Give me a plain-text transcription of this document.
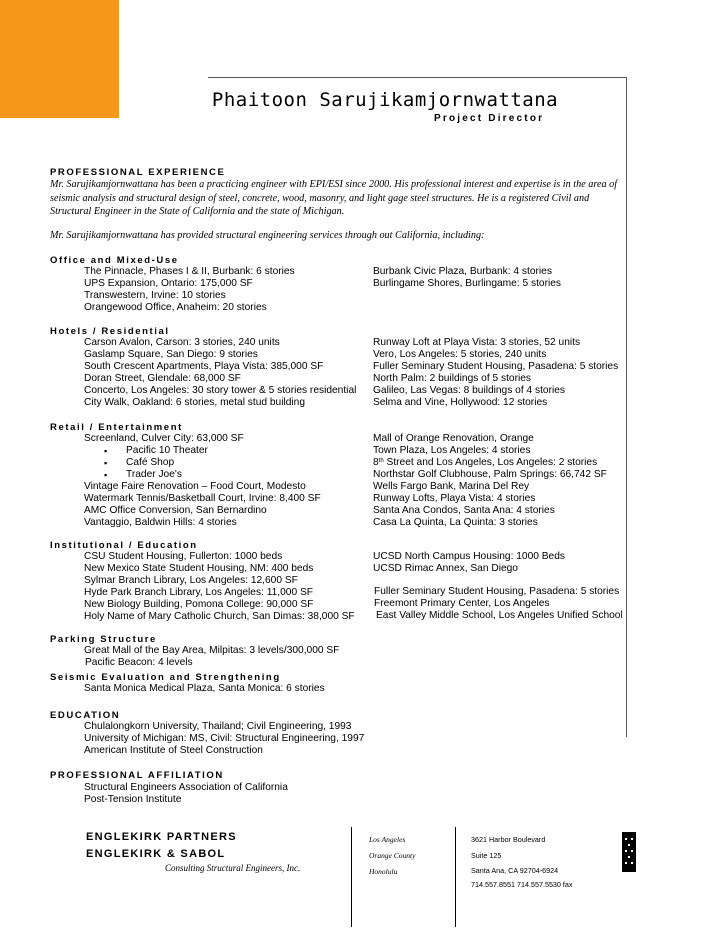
Phaitoon Sarujikamjornwattana
Project Director
PROFESSIONAL EXPERIENCE
Mr. Sarujikamjornwattana has been a practicing engineer with EPI/ESI since 2000. His professional interest and expertise is in the area of seismic analysis and structural design of steel, concrete, wood, masonry, and light gage steel structures. He is a registered Civil and Structural Engineer in the State of California and the state of Michigan.
Mr. Sarujikamjornwattana has provided structural engineering services through out California, including:
Office and Mixed-Use
The Pinnacle, Phases I & II, Burbank: 6 stories
UPS Expansion, Ontario: 175,000 SF
Transwestern, Irvine: 10 stories
Orangewood Office, Anaheim: 20 stories
Burbank Civic Plaza, Burbank: 4 stories
Burlingame Shores, Burlingame: 5 stories
Hotels / Residential
Carson Avalon, Carson: 3 stories, 240 units
Gaslamp Square, San Diego: 9 stories
South Crescent Apartments, Playa Vista: 385,000 SF
Doran Street, Glendale: 68,000 SF
Concerto, Los Angeles: 30 story tower & 5 stories residential
City Walk, Oakland: 6 stories, metal stud building
Runway Loft at Playa Vista: 3 stories, 52 units
Vero, Los Angeles: 5 stories, 240 units
Fuller Seminary Student Housing, Pasadena: 5 stories
North Palm: 2 buildings of 5 stories
Galileo, Las Vegas: 8 buildings of 4 stories
Selma and Vine, Hollywood: 12 stories
Retail / Entertainment
Screenland, Culver City: 63,000 SF
▪ Pacific 10 Theater
▪ Café Shop
▪ Trader Joe's
Vintage Faire Renovation – Food Court, Modesto
Watermark Tennis/Basketball Court, Irvine: 8,400 SF
AMC Office Conversion, San Bernardino
Vantaggio, Baldwin Hills: 4 stories
Mall of Orange Renovation, Orange
Town Plaza, Los Angeles: 4 stories
8th Street and Los Angeles, Los Angeles: 2 stories
Northstar Golf Clubhouse, Palm Springs: 66,742 SF
Wells Fargo Bank, Marina Del Rey
Runway Lofts, Playa Vista: 4 stories
Santa Ana Condos, Santa Ana: 4 stories
Casa La Quinta, La Quinta: 3 stories
Institutional / Education
CSU Student Housing, Fullerton: 1000 beds
New Mexico State Student Housing, NM: 400 beds
Sylmar Branch Library, Los Angeles: 12,600 SF
Hyde Park Branch Library, Los Angeles: 11,000 SF
New Biology Building, Pomona College: 90,000 SF
Holy Name of Mary Catholic Church, San Dimas: 38,000 SF
UCSD North Campus Housing: 1000 Beds
UCSD Rimac Annex, San Diego
Fuller Seminary Student Housing, Pasadena: 5 stories
Freemont Primary Center, Los Angeles
East Valley Middle School, Los Angeles Unified School
Parking Structure
Great Mall of the Bay Area, Milpitas: 3 levels/300,000 SF
Pacific Beacon: 4 levels
Seismic Evaluation and Strengthening
Santa Monica Medical Plaza, Santa Monica: 6 stories
EDUCATION
Chulalongkorn University, Thailand; Civil Engineering, 1993
University of Michigan: MS, Civil: Structural Engineering, 1997
American Institute of Steel Construction
PROFESSIONAL AFFILIATION
Structural Engineers Association of California
Post-Tension Institute
ENGLEKIRK PARTNERS
ENGLEKIRK & SABOL
Consulting Structural Engineers, Inc.
Los Angeles
Orange County
Honolulu
3621 Harbor Boulevard
Suite 125
Santa Ana, CA 92704-6924
714.557.8551 714.557.5530 fax
